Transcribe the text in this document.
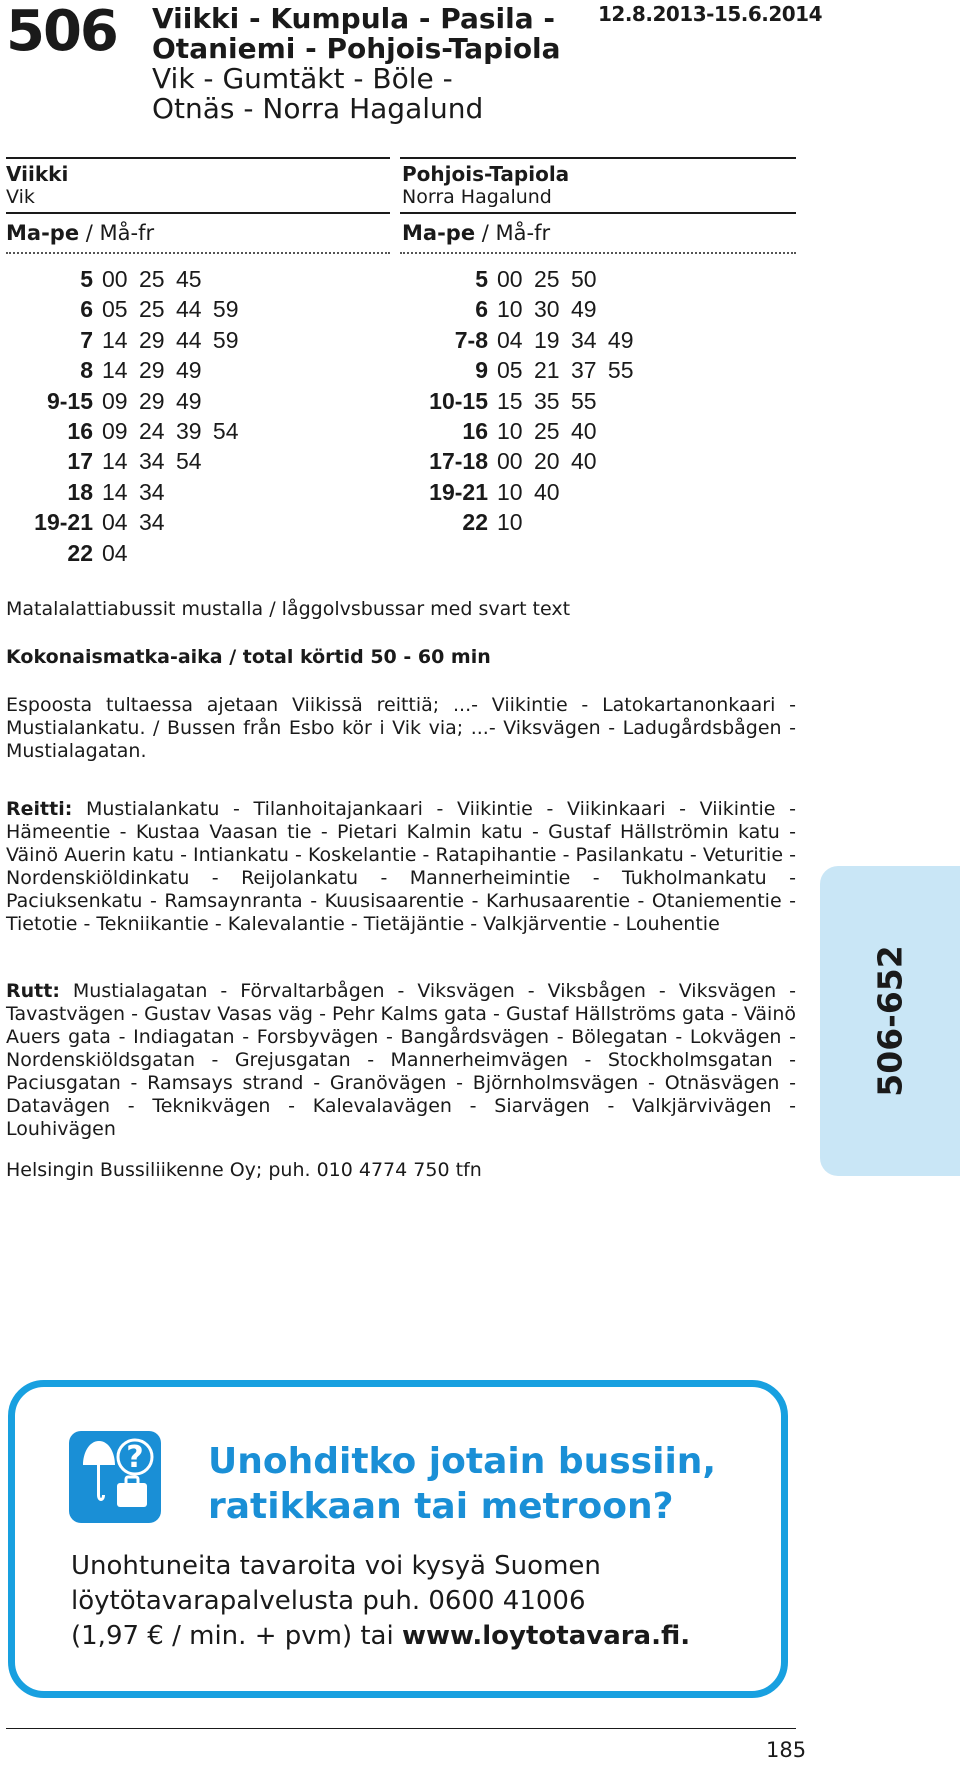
506 Viikki - Kumpula - Pasila -
Otaniemi - Pohjois-Tapiola
Vik - Gumtäkt - Böle -
Otnäs - Norra Hagalund
12.8.2013-15.6.2014
Viikki
Vik
Ma-pe / Må-fr
5 00 25 45
6 05 25 44 59
7 14 29 44 59
8 14 29 49
9-15 09 29 49
16 09 24 39 54
17 14 34 54
18 14 34
19-21 04 34
22 04
Pohjois-Tapiola
Norra Hagalund
Ma-pe / Må-fr
5 00 25 50
6 10 30 49
7-8 04 19 34 49
9 05 21 37 55
10-15 15 35 55
16 10 25 40
17-18 00 20 40
19-21 10 40
22 10
Matalalattiabussit mustalla / låggolvsbussar med svart text
Kokonaismatka-aika / total körtid 50 - 60 min
Espoosta tultaessa ajetaan Viikissä reittiä; ...- Viikintie - Latokartanonkaari - Mustialankatu. / Bussen från Esbo kör i Vik via; ...- Viksvägen - Ladugårdsbågen - Mustialagatan.
Reitti: Mustialankatu - Tilanhoitajankaari - Viikintie - Viikinkaari - Viikintie - Hämeentie - Kustaa Vaasan tie - Pietari Kalmin katu - Gustaf Hällströmin katu - Väinö Auerin katu - Intiankatu - Koskelantie - Ratapihantie - Pasilankatu - Veturitie - Nordenskiöldinkatu - Reijolankatu - Mannerheimintie - Tukholmankatu - Paciuksenkatu - Ramsaynranta - Kuusisaarentie - Karhusaarentie - Otaniementie - Tietotie - Tekniikantie - Kalevalantie - Tietäjäntie - Valkjärventie - Louhentie
Rutt: Mustialagatan - Förvaltarbågen - Viksvägen - Viksbågen - Viksvägen - Tavastvägen - Gustav Vasas väg - Pehr Kalms gata - Gustaf Hällströms gata - Väinö Auers gata - Indiagatan - Forsbyvägen - Bangårdsvägen - Bölegatan - Lokvägen - Nordenskiöldsgatan - Grejusgatan - Mannerheimvägen - Stockholmsgatan - Paciusgatan - Ramsays strand - Granövägen - Björnholmsvägen - Otnäsvägen - Datavägen - Teknikvägen - Kalevalavägen - Siarvägen - Valkjärvivägen - Louhivägen
Helsingin Bussiliikenne Oy; puh. 010 4774 750 tfn
506-652
? Unohditko jotain bussiin,
ratikkaan tai metroon?
Unohtuneita tavaroita voi kysyä Suomen
löytötavarapalvelusta puh. 0600 41006
(1,97 € / min. + pvm) tai www.loytotavara.fi.
185
